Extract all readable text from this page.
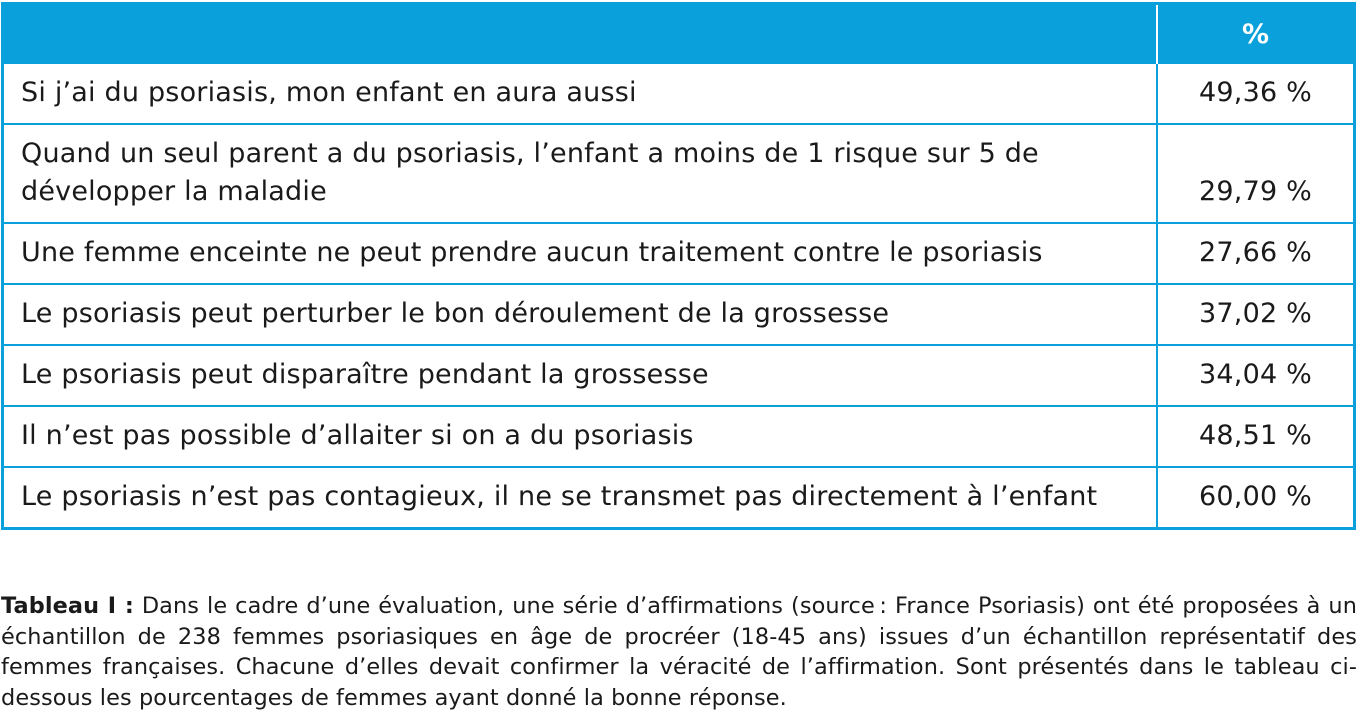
	%
Si j’ai du psoriasis, mon enfant en aura aussi	49,36 %
Quand un seul parent a du psoriasis, l’enfant a moins de 1 risque sur 5 de développer la maladie	29,79 %
Une femme enceinte ne peut prendre aucun traitement contre le psoriasis	27,66 %
Le psoriasis peut perturber le bon déroulement de la grossesse	37,02 %
Le psoriasis peut disparaître pendant la grossesse	34,04 %
Il n’est pas possible d’allaiter si on a du psoriasis	48,51 %
Le psoriasis n’est pas contagieux, il ne se transmet pas directement à l’enfant	60,00 %

Tableau I : Dans le cadre d’une évaluation, une série d’affirmations (source : France Psoriasis) ont été proposées à un échantillon de 238 femmes psoriasiques en âge de procréer (18-45 ans) issues d’un échantillon représentatif des femmes françaises. Chacune d’elles devait confirmer la véracité de l’affirmation. Sont présentés dans le tableau ci-dessous les pourcentages de femmes ayant donné la bonne réponse.
